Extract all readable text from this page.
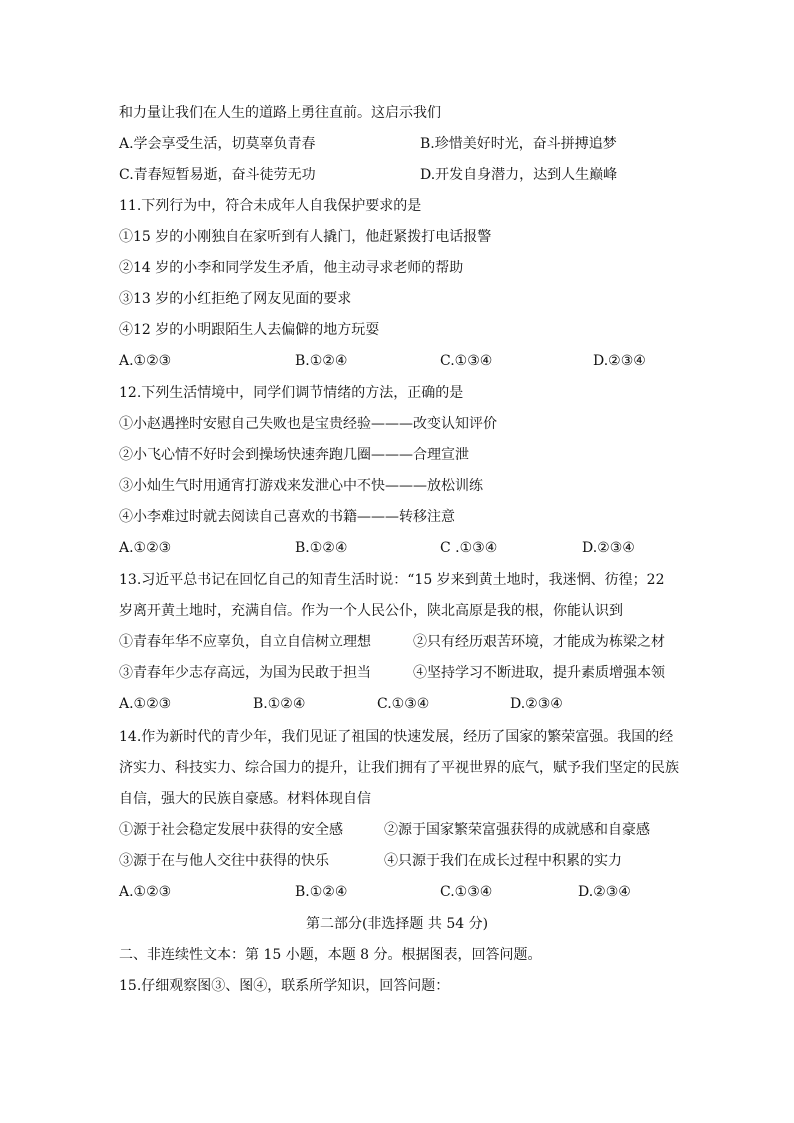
和力量让我们在人生的道路上勇往直前。这启示我们
A.学会享受生活，切莫辜负青春	B.珍惜美好时光，奋斗拼搏追梦
C.青春短暂易逝，奋斗徒劳无功	D.开发自身潜力，达到人生巅峰
11.下列行为中，符合未成年人自我保护要求的是
①15 岁的小刚独自在家听到有人撬门，他赶紧拨打电话报警
②14 岁的小李和同学发生矛盾，他主动寻求老师的帮助
③13 岁的小红拒绝了网友见面的要求
④12 岁的小明跟陌生人去偏僻的地方玩耍
A.①②③	B.①②④	C.①③④	D.②③④
12.下列生活情境中，同学们调节情绪的方法，正确的是
①小赵遇挫时安慰自己失败也是宝贵经验———改变认知评价
②小飞心情不好时会到操场快速奔跑几圈———合理宣泄
③小灿生气时用通宵打游戏来发泄心中不快———放松训练
④小李难过时就去阅读自己喜欢的书籍———转移注意
A.①②③	B.①②④	C .①③④	D.②③④
13.习近平总书记在回忆自己的知青生活时说：“15 岁来到黄土地时，我迷惘、彷徨；22
岁离开黄土地时，充满自信。作为一个人民公仆，陕北高原是我的根，你能认识到
①青春年华不应辜负，自立自信树立理想	②只有经历艰苦环境，才能成为栋梁之材
③青春年少志存高远，为国为民敢于担当	④坚持学习不断进取，提升素质增强本领
A.①②③	B.①②④	C.①③④	D.②③④
14.作为新时代的青少年，我们见证了祖国的快速发展，经历了国家的繁荣富强。我国的经
济实力、科技实力、综合国力的提升，让我们拥有了平视世界的底气，赋予我们坚定的民族
自信，强大的民族自豪感。材料体现自信
①源于社会稳定发展中获得的安全感	②源于国家繁荣富强获得的成就感和自豪感
③源于在与他人交往中获得的快乐	④只源于我们在成长过程中积累的实力
A.①②③	B.①②④	C.①③④	D.②③④
第二部分(非选择题 共 54 分)
二、非连续性文本：第 15 小题，本题 8 分。根据图表，回答问题。
15.仔细观察图③、图④，联系所学知识，回答问题：
